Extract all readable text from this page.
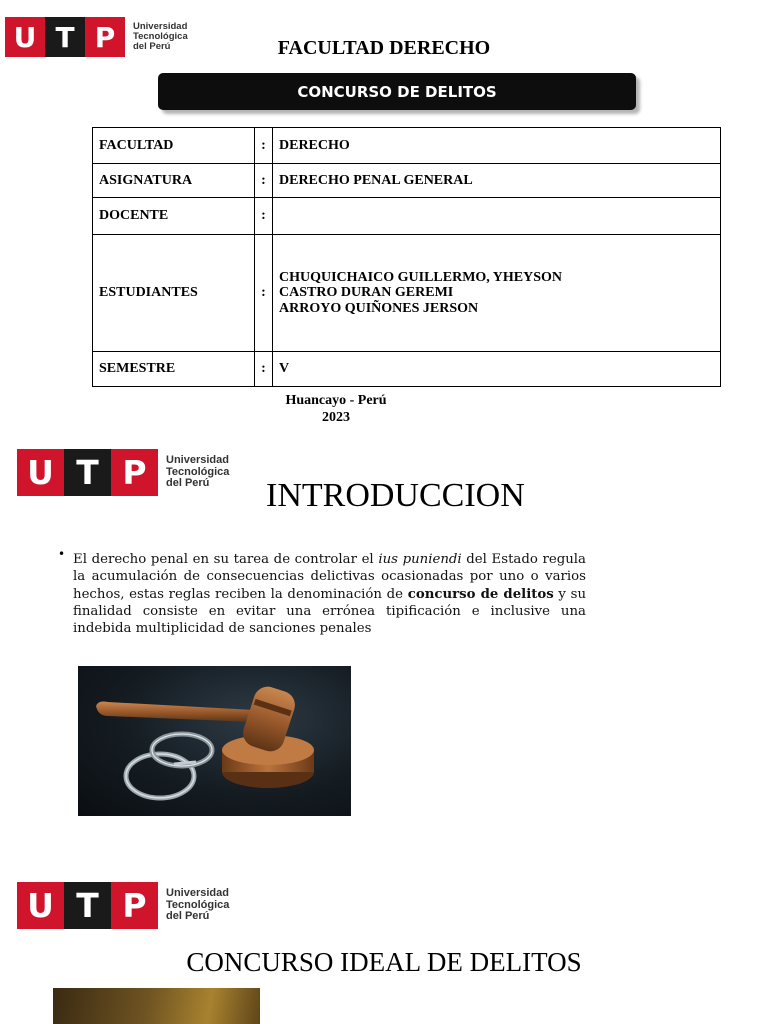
U T P	Universidad
Tecnológica
del Perú	FACULTAD DERECHO
CONCURSO DE DELITOS
FACULTAD	:	DERECHO

ASIGNATURA	:	DERECHO PENAL GENERAL

DOCENTE	:	
ESTUDIANTES	:	CHUQUICHAICO GUILLERMO, YHEYSON
CASTRO DURAN GEREMI
ARROYO QUIÑONES JERSON

SEMESTRE	:	V
Huancayo - Perú
2023
U T P	Universidad
Tecnológica
del Perú	INTRODUCCION
• El derecho penal en su tarea de controlar el ius puniendi del Estado regula la acumulación de consecuencias delictivas ocasionadas por uno o varios hechos, estas reglas reciben la denominación de concurso de delitos y su finalidad consiste en evitar una errónea tipificación e inclusive una indebida multiplicidad de sanciones penales
U T P	Universidad
Tecnológica
del Perú
CONCURSO IDEAL DE DELITOS
